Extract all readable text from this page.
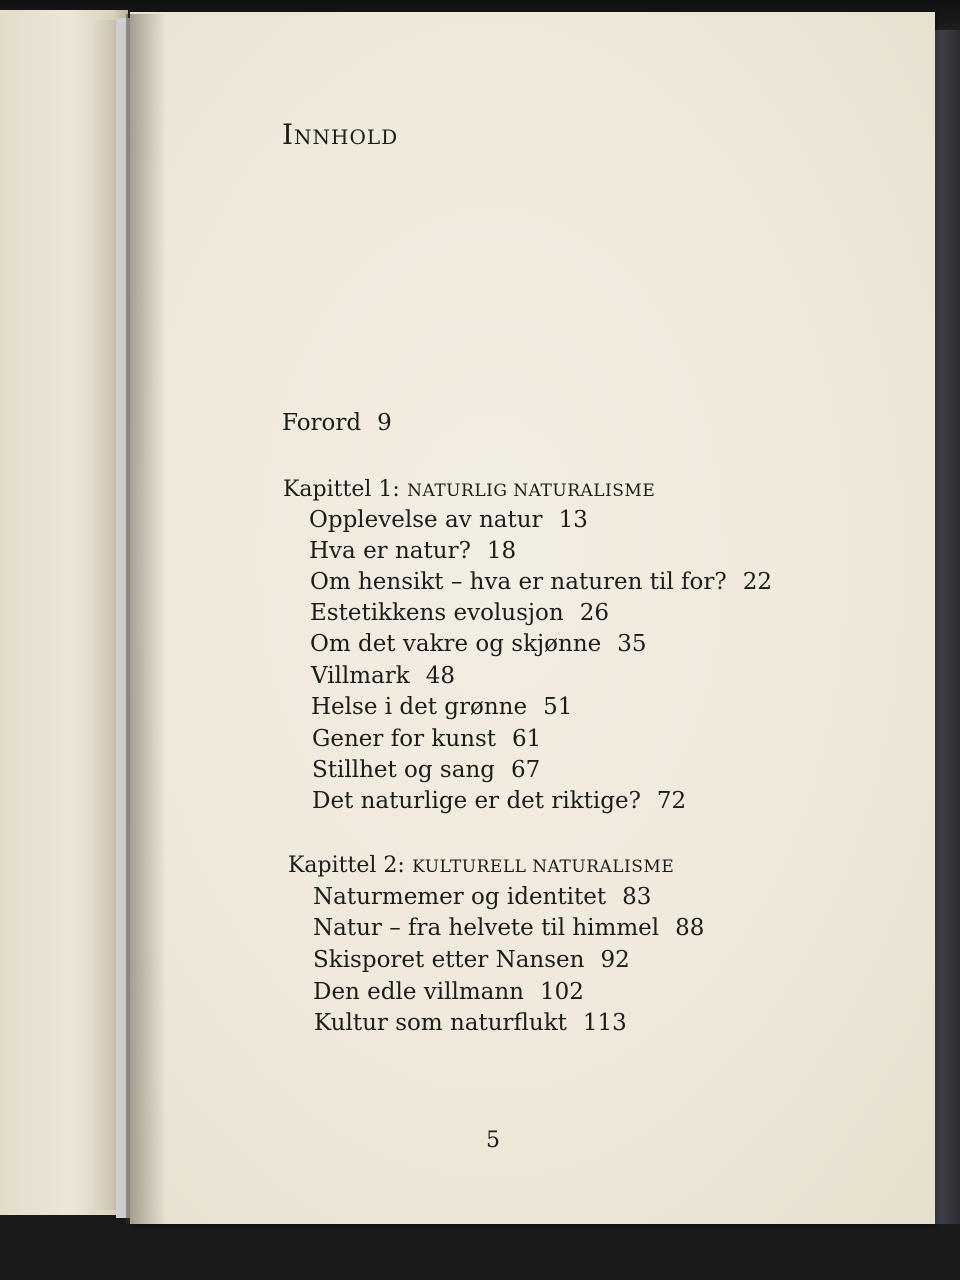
Innhold
Forord 9
Kapittel 1: NATURLIG NATURALISME
Opplevelse av natur 13
Hva er natur? 18
Om hensikt – hva er naturen til for? 22
Estetikkens evolusjon 26
Om det vakre og skjønne 35
Villmark 48
Helse i det grønne 51
Gener for kunst 61
Stillhet og sang 67
Det naturlige er det riktige? 72
Kapittel 2: KULTURELL NATURALISME
Naturmemer og identitet 83
Natur – fra helvete til himmel 88
Skisporet etter Nansen 92
Den edle villmann 102
Kultur som naturflukt 113
5
